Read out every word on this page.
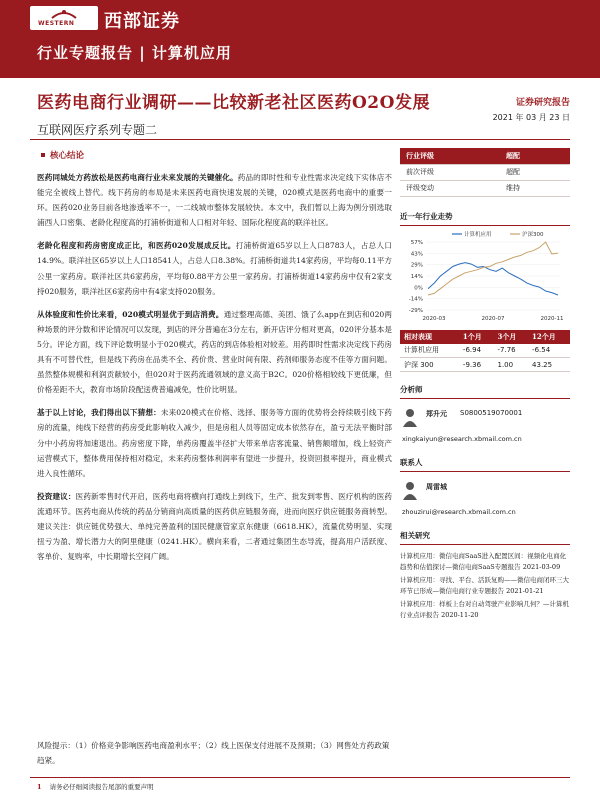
WESTERN 西部证券
行业专题报告 | 计算机应用
医药电商行业调研——比较新老社区医药O2O发展	证券研究报告
2021 年 03 月 23 日
互联网医疗系列专题二
核心结论
医药同城处方药放松是医药电商行业未来发展的关键催化。药品的即时性和专业性需求决定线下实体店不能完全被线上替代。线下药房的布局是未来医药电商快速发展的关键，020模式是医药电商中的重要一环。医药020业务目前各地渗透率不一，一二线城市整体发展较快。本文中，我们暂以上海为例分别选取浦西人口密集、老龄化程度高的打浦桥街道和人口相对年轻、国际化程度高的联洋社区。
老龄化程度和药房密度成正比，和医药020发展成反比。打浦桥街道65岁以上人口8783人，占总人口14.9%。联洋社区65岁以上人口18541人，占总人口8.38%。打浦桥街道共14家药房，平均每0.11平方公里一家药房。联洋社区共6家药房，平均每0.88平方公里一家药房。打浦桥街道14家药房中仅有2家支持020服务，联洋社区6家药房中有4家支持020服务。
从体验度和性价比来看，020模式明显优于到店消费。通过整理高德、美团、饿了么app在到店和020两种场景的评分数和评论情况可以发现，到店的评分普遍在3分左右，新开店评分相对更高，020评分基本是5分。评论方面，线下评论数明显小于020模式，药店的到店体验相对较差。用药即时性需求决定线下药房具有不可替代性，但是线下药房在品类不全、药价贵、营业时间有限、药剂师服务态度不佳等方面问题。虽然整体规模和利润贡献较小，但020对于医药流通领域的意义高于B2C。020价格相较线下更低廉，但价格差距不大，教育市场阶段配送费普遍减免，性价比明显。
基于以上讨论，我们得出以下猜想：未来020模式在价格、选择、服务等方面的优势将会持续吸引线下药房的流量，纯线下经营的药房受此影响收入减少，但是房租人员等固定成本依然存在，盈亏无法平衡时部分中小药房将加速退出。药房密度下降，单药房覆盖半径扩大带来单店客流量、销售额增加，线上轻资产运营模式下，整体费用保持相对稳定，未来药房整体利润率有望进一步提升，投资回报率提升，商业模式进入良性循环。
投资建议：医药新零售时代开启，医药电商将横向打通线上到线下，生产、批发到零售、医疗机构的医药流通环节。医药电商从传统的药品分销商向高质量的医药供应链服务商，进而向医疗供应链服务商转型。建议关注：供应链优势强大、单纯完善盈利的国民健康管家京东健康（6618.HK），流量优势明显、实现扭亏为盈、增长潜力大的阿里健康（0241.HK）。横向来看，二者通过集团生态导流，提高用户活跃度、客单价、复购率，中长期增长空间广阔。
行业评级	超配
前次评级	超配
评级变动	维持
近一年行业走势
57%
43%
29%
14%
0%
-14%
-29%
2020-03	2020-07	2020-11
计算机应用	沪深300
相对表现	1个月	3个月	12个月
计算机应用	-6.94	-7.76	-6.54
沪深 300	-9.36	1.00	43.25
分析师
郑升元 S0800519070001
xingkaiyun@research.xbmail.com.cn
联系人
周雷城
zhouzirui@research.xbmail.com.cn
相关研究
计算机应用：微信电商SaaS进入配置区间：视频化电商化趋势和估值探讨—微信电商SaaS专题报告 2021-03-09
计算机应用：寻找、平台、活跃复购——微信电商闭环三大环节已形成—微信电商行业专题报告 2021-01-21
计算机应用：样板上台对自动驾驶产业影响几何？—计算机行业点评报告 2020-11-20
风险提示：（1）价格竞争影响医药电商盈利水平；（2）线上医保支付进展不及预期；（3）网售处方药政策趋紧。
1 请务必仔细阅读报告尾部的重要声明
